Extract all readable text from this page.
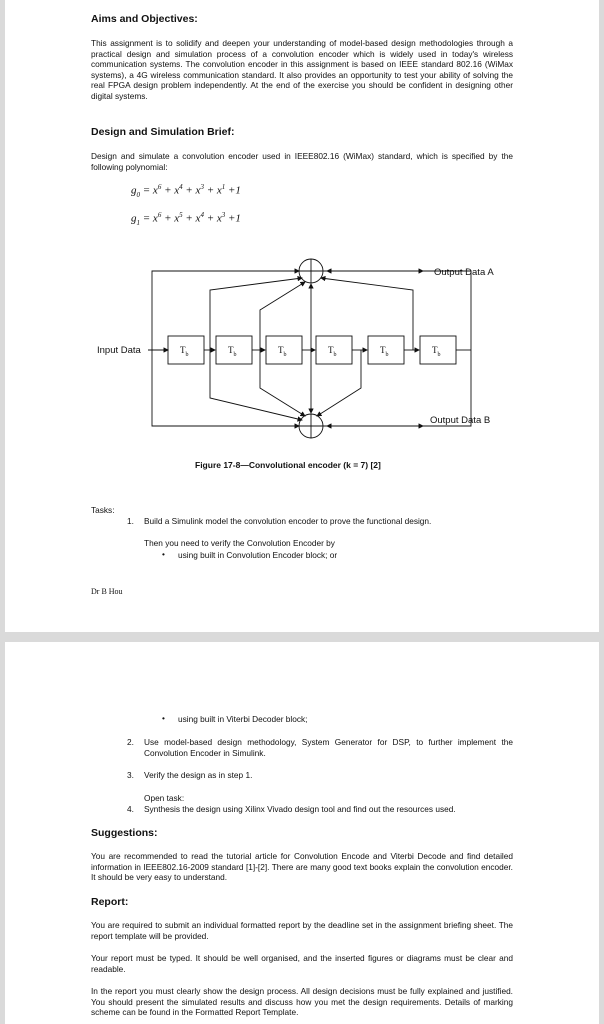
Aims and Objectives:

This assignment is to solidify and deepen your understanding of model-based design methodologies through a practical design and simulation process of a convolution encoder which is widely used in today's wireless communication systems. The convolution encoder in this assignment is based on IEEE standard 802.16 (WiMax systems), a 4G wireless communication standard. It also provides an opportunity to test your ability of solving the real FPGA design problem independently. At the end of the exercise you should be confident in designing other digital systems.

Design and Simulation Brief:

Design and simulate a convolution encoder used in IEEE802.16 (WiMax) standard, which is specified by the following polynomial:

$g_0 = x^6 + x^4 + x^3 + x^1 +1$
$g_1 = x^6 + x^5 + x^4 + x^3 +1$
$T_b$	$T_b$	$T_b$	$T_b$	$T_b$	$T_b$
Input Data
Output Data A
Output Data B
Figure 17-8—Convolutional encoder (k = 7) [2]
Tasks:
1. Build a Simulink model the convolution encoder to prove the functional design.
Then you need to verify the Convolution Encoder by
• using built in Convolution Encoder block; or
Dr B Hou
• using built in Viterbi Decoder block;
2. Use model-based design methodology, System Generator for DSP, to further implement the Convolution Encoder in Simulink.

3. Verify the design as in step 1.
Open task:
4. Synthesis the design using Xilinx Vivado design tool and find out the resources used.
Suggestions:

You are recommended to read the tutorial article for Convolution Encode and Viterbi Decode and find detailed information in IEEE802.16-2009 standard [1]-[2]. There are many good text books explain the convolution encoder. It should be very easy to understand.

Report:

You are required to submit an individual formatted report by the deadline set in the assignment briefing sheet. The report template will be provided.

Your report must be typed. It should be well organised, and the inserted figures or diagrams must be clear and readable.

In the report you must clearly show the design process. All design decisions must be fully explained and justified. You should present the simulated results and discuss how you met the design requirements. Details of marking scheme can be found in the Formatted Report Template.
